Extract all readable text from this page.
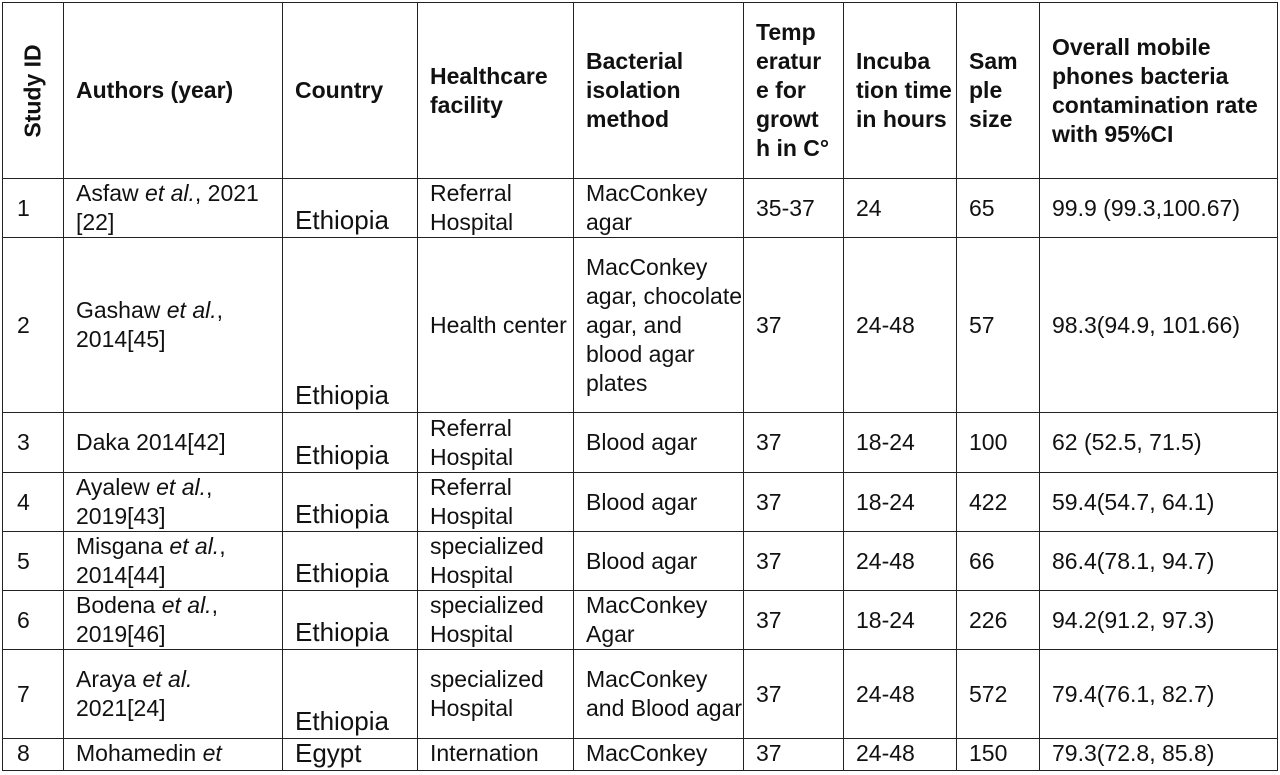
Study ID	Authors (year)	Country	Healthcare facility	Bacterial isolation method	Temp eratur e for growt h in C°	Incuba tion time in hours	Sam ple size	Overall mobile phones bacteria contamination rate with 95%CI
1	Asfaw et al., 2021 [22]	Ethiopia	Referral Hospital	MacConkey agar	35-37	24	65	99.9 (99.3,100.67)
2	Gashaw et al., 2014[45]	Ethiopia	Health center	MacConkey agar, chocolate agar, and blood agar plates	37	24-48	57	98.3(94.9, 101.66)
3	Daka 2014[42]	Ethiopia	Referral Hospital	Blood agar	37	18-24	100	62 (52.5, 71.5)
4	Ayalew et al., 2019[43]	Ethiopia	Referral Hospital	Blood agar	37	18-24	422	59.4(54.7, 64.1)
5	Misgana et al., 2014[44]	Ethiopia	specialized Hospital	Blood agar	37	24-48	66	86.4(78.1, 94.7)
6	Bodena et al., 2019[46]	Ethiopia	specialized Hospital	MacConkey Agar	37	18-24	226	94.2(91.2, 97.3)
7	Araya et al. 2021[24]	Ethiopia	specialized Hospital	MacConkey and Blood agar	37	24-48	572	79.4(76.1, 82.7)
8	Mohamedin et	Egypt	Internation	MacConkey	37	24-48	150	79.3(72.8, 85.8)
